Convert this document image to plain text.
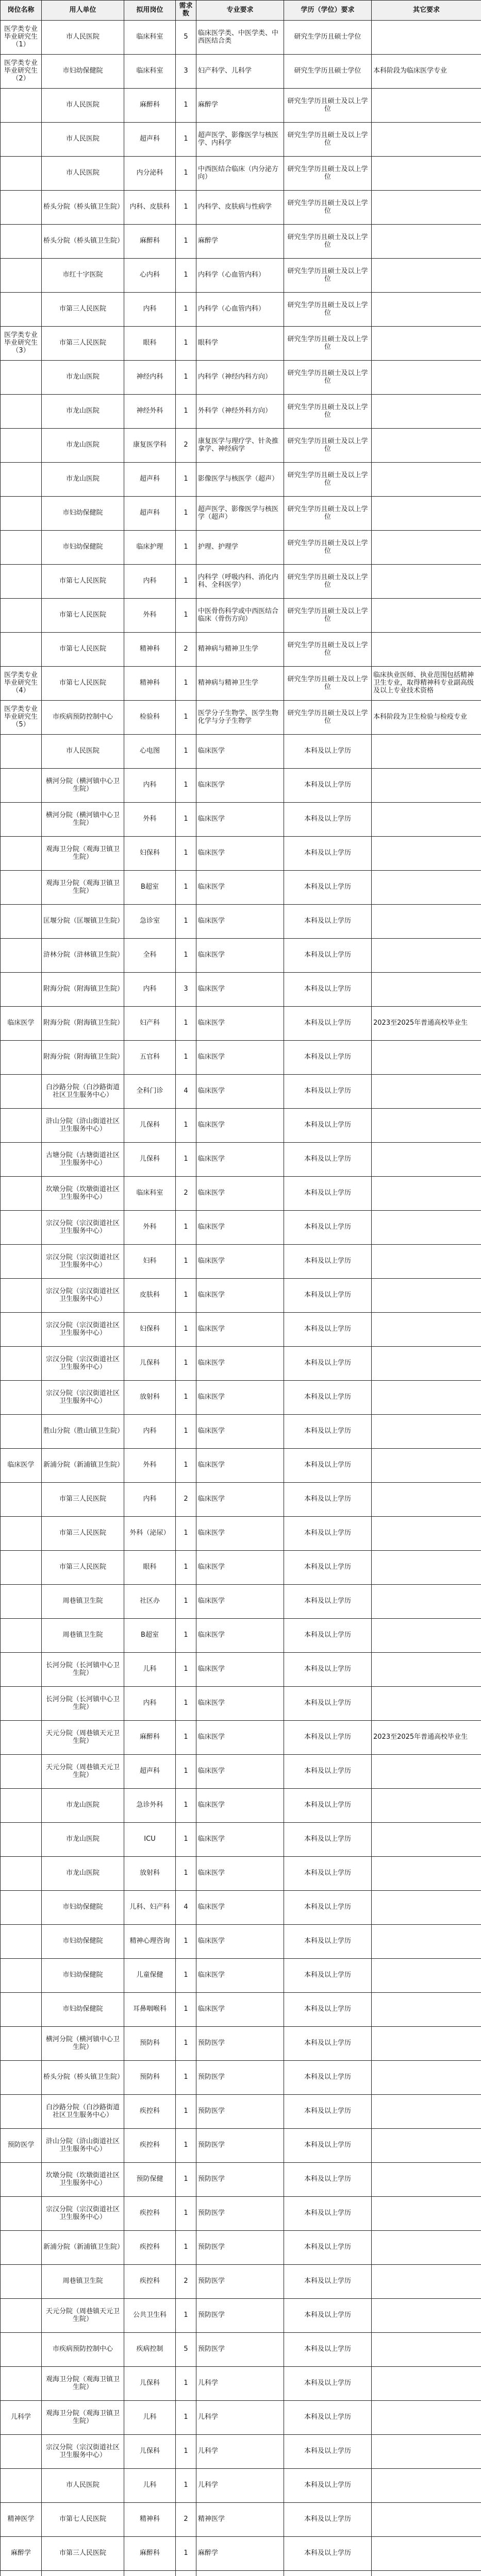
岗位名称	用人单位	拟用岗位	需求数	专业要求	学历（学位）要求	其它要求
医学类专业毕业研究生（1）	市人民医院	临床科室	5	临床医学类、中医学类、中西医结合类	研究生学历且硕士学位	
医学类专业毕业研究生（2）	市妇幼保健院	临床科室	3	妇产科学、儿科学	研究生学历且硕士学位	本科阶段为临床医学专业
	市人民医院	麻醉科	1	麻醉学	研究生学历且硕士及以上学位	
	市人民医院	超声科	1	超声医学、影像医学与核医学、内科学	研究生学历且硕士及以上学位	
	市人民医院	内分泌科	1	中西医结合临床（内分泌方向）	研究生学历且硕士及以上学位	
	桥头分院（桥头镇卫生院）	内科、皮肤科	1	内科学、皮肤病与性病学	研究生学历且硕士及以上学位	
	桥头分院（桥头镇卫生院）	麻醉科	1	麻醉学	研究生学历且硕士及以上学位	
	市红十字医院	心内科	1	内科学（心血管内科）	研究生学历且硕士及以上学位	
	市第三人民医院	内科	1	内科学（心血管内科）	研究生学历且硕士及以上学位	
医学类专业毕业研究生（3）	市第三人民医院	眼科	1	眼科学	研究生学历且硕士及以上学位	
	市龙山医院	神经内科	1	内科学（神经内科方向）	研究生学历且硕士及以上学位	
	市龙山医院	神经外科	1	外科学（神经外科方向）	研究生学历且硕士及以上学位	
	市龙山医院	康复医学科	2	康复医学与理疗学、针灸推拿学、神经病学	研究生学历且硕士及以上学位	
	市龙山医院	超声科	1	影像医学与核医学（超声）	研究生学历且硕士及以上学位	
	市妇幼保健院	超声科	1	超声医学、影像医学与核医学（超声）	研究生学历且硕士及以上学位	
	市妇幼保健院	临床护理	1	护理、护理学	研究生学历且硕士及以上学位	
	市第七人民医院	内科	1	内科学（呼吸内科、消化内科、全科医学）	研究生学历且硕士及以上学位	
	市第七人民医院	外科	1	中医骨伤科学或中西医结合临床（骨伤方向）	研究生学历且硕士及以上学位	
	市第七人民医院	精神科	2	精神病与精神卫生学	研究生学历且硕士及以上学位	
医学类专业毕业研究生（4）	市第七人民医院	精神科	1	精神病与精神卫生学	研究生学历且硕士及以上学位	临床执业医师、执业范围包括精神卫生专业，取得精神科专业副高级及以上专业技术资格
医学类专业毕业研究生（5）	市疾病预防控制中心	检验科	1	医学分子生物学、医学生物化学与分子生物学	研究生学历且硕士及以上学位	本科阶段为卫生检验与检疫专业
	市人民医院	心电图	1	临床医学	本科及以上学历	
	横河分院（横河镇中心卫生院）	内科	1	临床医学	本科及以上学历	
	横河分院（横河镇中心卫生院）	外科	1	临床医学	本科及以上学历	
	观海卫分院（观海卫镇卫生院）	妇保科	1	临床医学	本科及以上学历	
	观海卫分院（观海卫镇卫生院）	B超室	1	临床医学	本科及以上学历	
	匡堰分院（匡堰镇卫生院）	急诊室	1	临床医学	本科及以上学历	
	浒林分院（浒林镇卫生院）	全科	1	临床医学	本科及以上学历	
	附海分院（附海镇卫生院）	内科	3	临床医学	本科及以上学历	
临床医学	附海分院（附海镇卫生院）	妇产科	1	临床医学	本科及以上学历	2023至2025年普通高校毕业生
	附海分院（附海镇卫生院）	五官科	1	临床医学	本科及以上学历	
	白沙路分院（白沙路街道社区卫生服务中心）	全科门诊	4	临床医学	本科及以上学历	
	浒山分院（浒山街道社区卫生服务中心）	儿保科	1	临床医学	本科及以上学历	
	古塘分院（古塘街道社区卫生服务中心）	儿保科	1	临床医学	本科及以上学历	
	坎墩分院（坎墩街道社区卫生服务中心）	临床科室	2	临床医学	本科及以上学历	
	宗汉分院（宗汉街道社区卫生服务中心）	外科	1	临床医学	本科及以上学历	
	宗汉分院（宗汉街道社区卫生服务中心）	妇科	1	临床医学	本科及以上学历	
	宗汉分院（宗汉街道社区卫生服务中心）	皮肤科	1	临床医学	本科及以上学历	
	宗汉分院（宗汉街道社区卫生服务中心）	妇保科	1	临床医学	本科及以上学历	
	宗汉分院（宗汉街道社区卫生服务中心）	儿保科	1	临床医学	本科及以上学历	
	宗汉分院（宗汉街道社区卫生服务中心）	放射科	1	临床医学	本科及以上学历	
	胜山分院（胜山镇卫生院）	内科	1	临床医学	本科及以上学历	
临床医学	新浦分院（新浦镇卫生院）	外科	1	临床医学	本科及以上学历	
	市第三人民医院	内科	2	临床医学	本科及以上学历	
	市第三人民医院	外科（泌尿）	1	临床医学	本科及以上学历	
	市第三人民医院	眼科	1	临床医学	本科及以上学历	
	周巷镇卫生院	社区办	1	临床医学	本科及以上学历	
	周巷镇卫生院	B超室	1	临床医学	本科及以上学历	
	长河分院（长河镇中心卫生院）	儿科	1	临床医学	本科及以上学历	
	长河分院（长河镇中心卫生院）	内科	1	临床医学	本科及以上学历	
	天元分院（周巷镇天元卫生院）	麻醉科	1	临床医学	本科及以上学历	2023至2025年普通高校毕业生
	天元分院（周巷镇天元卫生院）	超声科	1	临床医学	本科及以上学历	
	市龙山医院	急诊外科	1	临床医学	本科及以上学历	
	市龙山医院	ICU	1	临床医学	本科及以上学历	
	市龙山医院	放射科	1	临床医学	本科及以上学历	
	市妇幼保健院	儿科、妇产科	4	临床医学	本科及以上学历	
	市妇幼保健院	精神心理咨询	1	临床医学	本科及以上学历	
	市妇幼保健院	儿童保健	1	临床医学	本科及以上学历	
	市妇幼保健院	耳鼻咽喉科	1	临床医学	本科及以上学历	
	横河分院（横河镇中心卫生院）	预防科	1	预防医学	本科及以上学历	
	桥头分院（桥头镇卫生院）	预防科	1	预防医学	本科及以上学历	
	白沙路分院（白沙路街道社区卫生服务中心）	疾控科	1	预防医学	本科及以上学历	
预防医学	浒山分院（浒山街道社区卫生服务中心）	疾控科	1	预防医学	本科及以上学历	
	坎墩分院（坎墩街道社区卫生服务中心）	预防保健	1	预防医学	本科及以上学历	
	宗汉分院（宗汉街道社区卫生服务中心）	疾控科	1	预防医学	本科及以上学历	
	新浦分院（新浦镇卫生院）	疾控科	1	预防医学	本科及以上学历	
	周巷镇卫生院	疾控科	2	预防医学	本科及以上学历	
	天元分院（周巷镇天元卫生院）	公共卫生科	1	预防医学	本科及以上学历	
	市疾病预防控制中心	疾病控制	5	预防医学	本科及以上学历	
	观海卫分院（观海卫镇卫生院）	儿保科	1	儿科学	本科及以上学历	
儿科学	观海卫分院（观海卫镇卫生院）	儿科	1	儿科学	本科及以上学历	
	宗汉分院（宗汉街道社区卫生服务中心）	儿保科	1	儿科学	本科及以上学历	
	市人民医院	儿科	1	儿科学	本科及以上学历	
精神医学	市第七人民医院	精神科	2	精神医学	本科及以上学历	
麻醉学	市第三人民医院	麻醉科	1	麻醉学	本科及以上学历	
